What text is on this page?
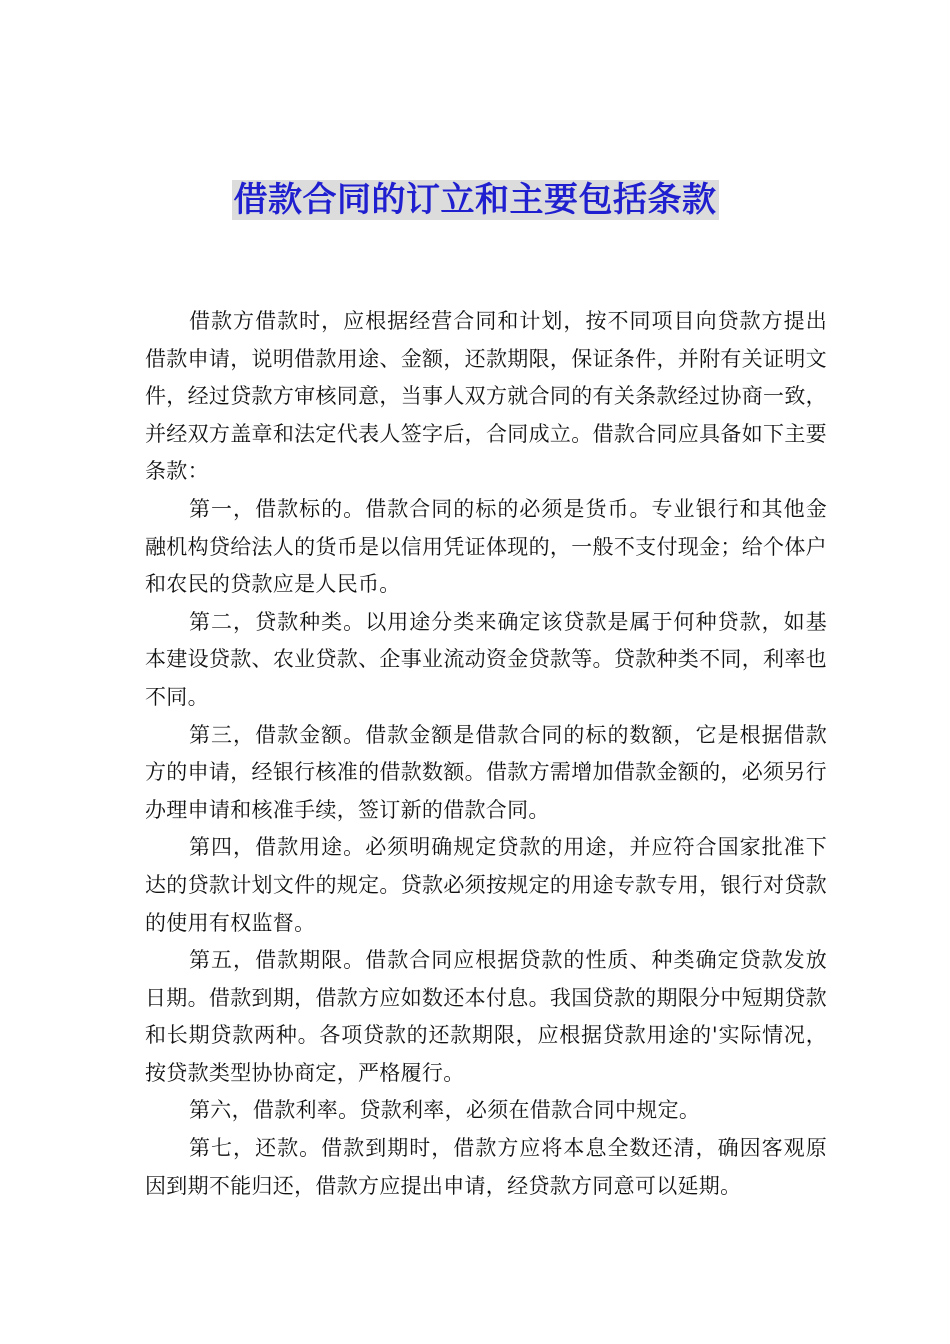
借款合同的订立和主要包括条款

借款方借款时，应根据经营合同和计划，按不同项目向贷款方提出借款申请，说明借款用途、金额，还款期限，保证条件，并附有关证明文件，经过贷款方审核同意，当事人双方就合同的有关条款经过协商一致，并经双方盖章和法定代表人签字后，合同成立。借款合同应具备如下主要条款：

第一，借款标的。借款合同的标的必须是货币。专业银行和其他金融机构贷给法人的货币是以信用凭证体现的，一般不支付现金；给个体户和农民的贷款应是人民币。

第二，贷款种类。以用途分类来确定该贷款是属于何种贷款，如基本建设贷款、农业贷款、企事业流动资金贷款等。贷款种类不同，利率也不同。

第三，借款金额。借款金额是借款合同的标的数额，它是根据借款方的申请，经银行核准的借款数额。借款方需增加借款金额的，必须另行办理申请和核准手续，签订新的借款合同。

第四，借款用途。必须明确规定贷款的用途，并应符合国家批准下达的贷款计划文件的规定。贷款必须按规定的用途专款专用，银行对贷款的使用有权监督。

第五，借款期限。借款合同应根据贷款的性质、种类确定贷款发放日期。借款到期，借款方应如数还本付息。我国贷款的期限分中短期贷款和长期贷款两种。各项贷款的还款期限，应根据贷款用途的'实际情况，按贷款类型协协商定，严格履行。

第六，借款利率。贷款利率，必须在借款合同中规定。

第七，还款。借款到期时，借款方应将本息全数还清，确因客观原因到期不能归还，借款方应提出申请，经贷款方同意可以延期。
